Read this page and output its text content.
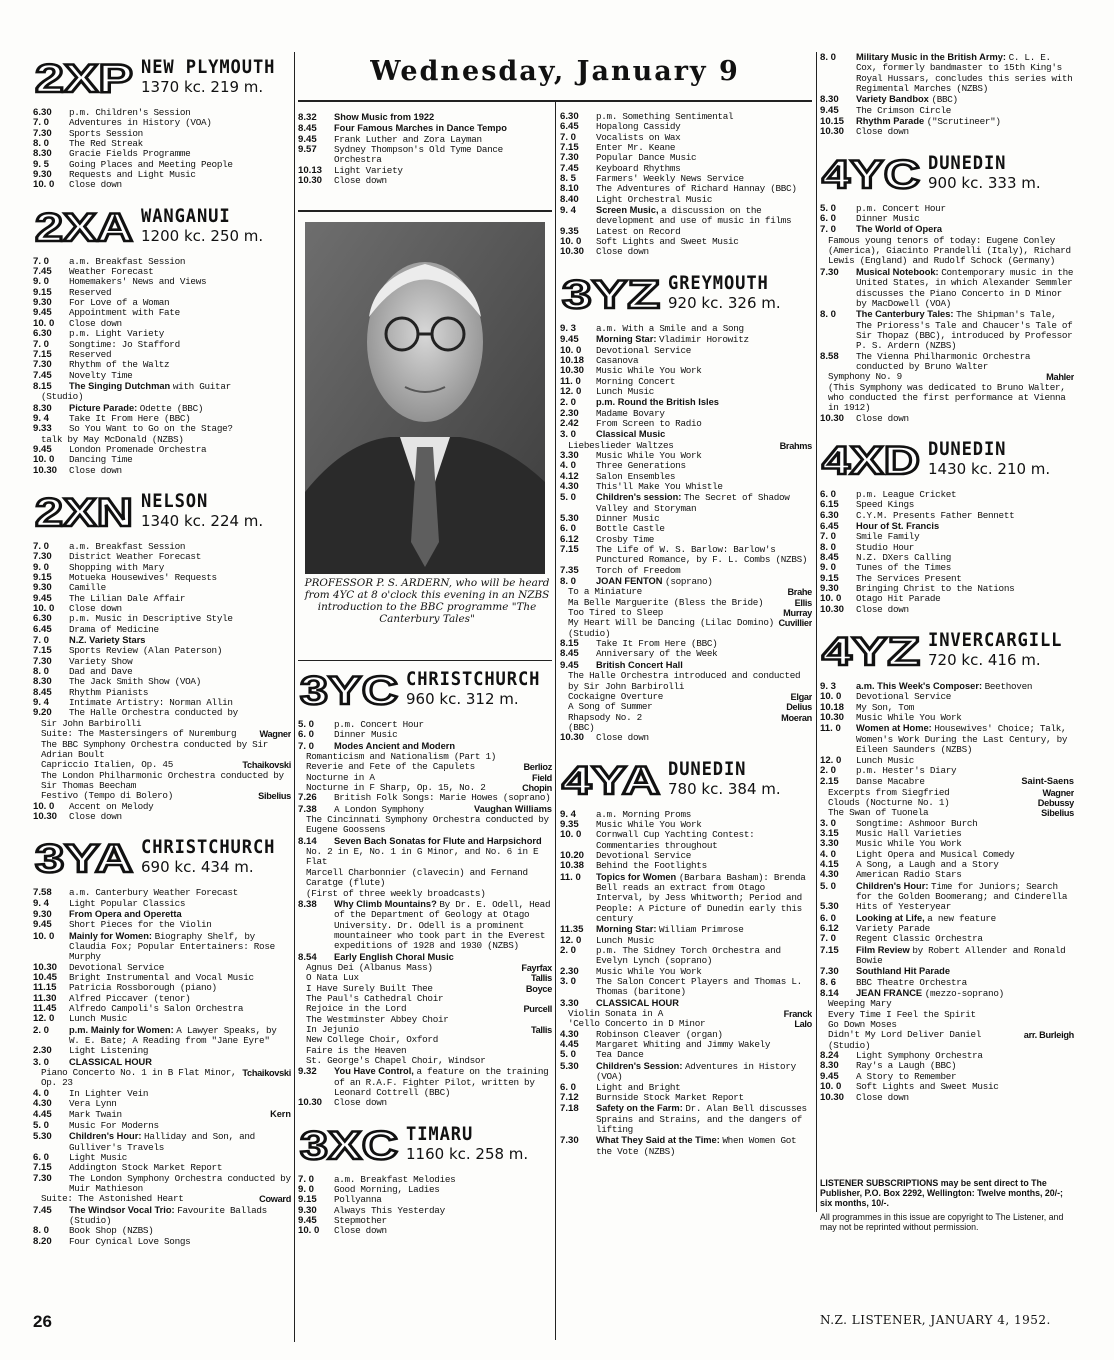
Wednesday, January 9
2XP NEW PLYMOUTH
1370 kc. 219 m.
6.30	p.m. Children's Session
7. 0	Adventures in History (VOA)
7.30	Sports Session
8. 0	The Red Streak
8.30	Gracie Fields Programme
9. 5	Going Places and Meeting People
9.30	Requests and Light Music
10. 0	Close down
2XA WANGANUI
1200 kc. 250 m.
7. 0	a.m. Breakfast Session
7.45	Weather Forecast
9. 0	Homemakers' News and Views
9.15	Reserved
9.30	For Love of a Woman
9.45	Appointment with Fate
10. 0	Close down
6.30	p.m. Light Variety
7. 0	Songtime: Jo Stafford
7.15	Reserved
7.30	Rhythm of the Waltz
7.45	Novelty Time
8.15	The Singing Dutchman with Guitar
(Studio)
8.30	Picture Parade: Odette (BBC)
9. 4	Take It From Here (BBC)
9.33	So You Want to Go on the Stage?
talk by May McDonald (NZBS)
9.45	London Promenade Orchestra
10. 0	Dancing Time
10.30	Close down
2XN NELSON
1340 kc. 224 m.
7. 0	a.m. Breakfast Session
7.30	District Weather Forecast
9. 0	Shopping with Mary
9.15	Motueka Housewives' Requests
9.30	Camille
9.45	The Lilian Dale Affair
10. 0	Close down
6.30	p.m. Music in Descriptive Style
6.45	Drama of Medicine
7. 0	N.Z. Variety Stars
7.15	Sports Review (Alan Paterson)
7.30	Variety Show
8. 0	Dad and Dave
8.30	The Jack Smith Show (VOA)
8.45	Rhythm Pianists
9. 4	Intimate Artistry: Norman Allin
9.20	The Halle Orchestra conducted by
Sir John Barbirolli
Suite: The Mastersingers of Nuremburg	Wagner
The BBC Symphony Orchestra conducted by Sir Adrian Boult
Capriccio Italien, Op. 45	Tchaikovski
The London Philharmonic Orchestra conducted by Sir Thomas Beecham
Festivo (Tempo di Bolero)	Sibelius
10. 0	Accent on Melody
10.30	Close down
3YA CHRISTCHURCH
690 kc. 434 m.
7.58	a.m. Canterbury Weather Forecast
9. 4	Light Popular Classics
9.30	From Opera and Operetta
9.45	Short Pieces for the Violin
10. 0	Mainly for Women: Biography Shelf, by Claudia Fox; Popular Entertainers: Rose Murphy
10.30	Devotional Service
10.45	Bright Instrumental and Vocal Music
11.15	Patricia Rossborough (piano)
11.30	Alfred Piccaver (tenor)
11.45	Alfredo Campoli's Salon Orchestra
12. 0	Lunch Music
2. 0	p.m. Mainly for Women: A Lawyer Speaks, by W. E. Bate; A Reading from "Jane Eyre"
2.30	Light Listening
3. 0	CLASSICAL HOUR
Piano Concerto No. 1 in B Flat Minor, Op. 23
Tchaikovski
4. 0	In Lighter Vein
4.30	Vera Lynn
4.45	Mark Twain	Kern
5. 0	Music For Moderns
5.30	Children's Hour: Halliday and Son, and Gulliver's Travels
6. 0	Light Music
7.15	Addington Stock Market Report
7.30	The London Symphony Orchestra conducted by Muir Mathieson
Suite: The Astonished Heart	Coward
7.45	The Windsor Vocal Trio: Favourite Ballads (Studio)
8. 0	Book Shop (NZBS)
8.20	Four Cynical Love Songs
8.32	Show Music from 1922
8.45	Four Famous Marches in Dance Tempo
9.45	Frank Luther and Zora Layman
9.57	Sydney Thompson's Old Tyme Dance Orchestra
10.13	Light Variety
10.30	Close down
6.30	p.m. Something Sentimental
6.45	Hopalong Cassidy
7. 0	Vocalists on Wax
7.15	Enter Mr. Keane
7.30	Popular Dance Music
7.45	Keyboard Rhythms
8. 5	Farmers' Weekly News Service
8.10	The Adventures of Richard Hannay (BBC)
8.40	Light Orchestral Music
9. 4	Screen Music, a discussion on the development and use of music in films
9.35	Latest on Record
10. 0	Soft Lights and Sweet Music
10.30	Close down
3YZ GREYMOUTH
920 kc. 326 m.
9. 3	a.m. With a Smile and a Song
9.45	Morning Star: Vladimir Horowitz
10. 0	Devotional Service
10.18	Casanova
10.30	Music While You Work
11. 0	Morning Concert
12. 0	Lunch Music
2. 0	p.m. Round the British Isles
2.30	Madame Bovary
2.42	From Screen to Radio
3. 0	Classical Music
Liebeslieder Waltzes	Brahms
3.30	Music While You Work
4. 0	Three Generations
4.12	Salon Ensembles
4.30	This'll Make You Whistle
5. 0	Children's session: The Secret of Shadow Valley and Storyman
5.30	Dinner Music
6. 0	Bottle Castle
6.12	Crosby Time
7.15	The Life of W. S. Barlow: Barlow's Punctured Romance, by F. L. Combs (NZBS)
7.35	Torch of Freedom
8. 0	JOAN FENTON (soprano)
To a Miniature	Brahe
Ma Belle Marguerite (Bless the Bride)	Ellis
Too Tired to Sleep	Murray
My Heart Will be Dancing (Lilac Domino) Cuvillier
(Studio)
8.15	Take It From Here (BBC)
8.45	Anniversary of the Week
9.45	British Concert Hall
The Halle Orchestra introduced and conducted by Sir John Barbirolli
Cockaigne Overture	Elgar
A Song of Summer	Delius
Rhapsody No. 2	Moeran
(BBC)
10.30	Close down
4YA DUNEDIN
780 kc. 384 m.
9. 4	a.m. Morning Proms
9.35	Music While You Work
10. 0	Cornwall Cup Yachting Contest: Commentaries throughout
10.20	Devotional Service
10.38	Behind the Footlights
11. 0	Topics for Women (Barbara Basham): Brenda Bell reads an extract from Otago Interval, by Jess Whitworth; Period and People: A Picture of Dunedin early this century
11.35	Morning Star: William Primrose
12. 0	Lunch Music
2. 0	p.m. The Sidney Torch Orchestra and Evelyn Lynch (soprano)
2.30	Music While You Work
3. 0	The Salon Concert Players and Thomas L. Thomas (baritone)
3.30	CLASSICAL HOUR
Violin Sonata in A	Franck
'Cello Concerto in D Minor	Lalo
4.30	Robinson Cleaver (organ)
4.45	Margaret Whiting and Jimmy Wakely
5. 0	Tea Dance
5.30	Children's Session: Adventures in History (VOA)
6. 0	Light and Bright
7.12	Burnside Stock Market Report
7.18	Safety on the Farm: Dr. Alan Bell discusses Sprains and Strains, and the dangers of lifting
7.30	What They Said at the Time: When Women Got the Vote (NZBS)
8. 0	Military Music in the British Army: C. L. E. Cox, formerly bandmaster to 15th King's Royal Hussars, concludes this series with Regimental Marches (NZBS)
8.30	Variety Bandbox (BBC)
9.45	The Crimson Circle
10.15	Rhythm Parade ("Scrutineer")
10.30	Close down
4YC DUNEDIN
900 kc. 333 m.
5. 0	p.m. Concert Hour
6. 0	Dinner Music
7. 0	The World of Opera
Famous young tenors of today: Eugene Conley (America), Giacinto Prandelli (Italy), Richard Lewis (England) and Rudolf Schock (Germany)
7.30	Musical Notebook: Contemporary music in the United States, in which Alexander Semmler discusses the Piano Concerto in D Minor by MacDowell (VOA)
8. 0	The Canterbury Tales: The Shipman's Tale, The Prioress's Tale and Chaucer's Tale of Sir Thopaz (BBC), introduced by Professor P. S. Ardern (NZBS)
8.58	The Vienna Philharmonic Orchestra conducted by Bruno Walter
Symphony No. 9	Mahler
(This Symphony was dedicated to Bruno Walter, who conducted the first performance at Vienna in 1912)
10.30	Close down
4XD DUNEDIN
1430 kc. 210 m.
6. 0	p.m. League Cricket
6.15	Speed Kings
6.30	C.Y.M. Presents Father Bennett
6.45	Hour of St. Francis
7. 0	Smile Family
8. 0	Studio Hour
8.45	N.Z. DXers Calling
9. 0	Tunes of the Times
9.15	The Services Present
9.30	Bringing Christ to the Nations
10. 0	Otago Hit Parade
10.30	Close down
4YZ INVERCARGILL
720 kc. 416 m.
9. 3	a.m. This Week's Composer: Beethoven
10. 0	Devotional Service
10.18	My Son, Tom
10.30	Music While You Work
11. 0	Women at Home: Housewives' Choice; Talk, Women's Work During the Last Century, by Eileen Saunders (NZBS)
12. 0	Lunch Music
2. 0	p.m. Hester's Diary
2.15	Danse Macabre	Saint-Saens
Excerpts from Siegfried	Wagner
Clouds (Nocturne No. 1)	Debussy
The Swan of Tuonela	Sibelius
3. 0	Songtime: Ashmoor Burch
3.15	Music Hall Varieties
3.30	Music While You Work
4. 0	Light Opera and Musical Comedy
4.15	A Song, a Laugh and a Story
4.30	American Radio Stars
5. 0	Children's Hour: Time for Juniors; Search for the Golden Boomerang; and Cinderella
5.30	Hits of Yesteryear
6. 0	Looking at Life, a new feature
6.12	Variety Parade
7. 0	Regent Classic Orchestra
7.15	Film Review by Robert Allender and Ronald Bowie
7.30	Southland Hit Parade
8. 6	BBC Theatre Orchestra
8.14	JEAN FRANCE (mezzo-soprano)
Weeping Mary
Every Time I Feel the Spirit
Go Down Moses
Didn't My Lord Deliver Daniel	arr. Burleigh
(Studio)
8.24	Light Symphony Orchestra
8.30	Ray's a Laugh (BBC)
9.45	A Story to Remember
10. 0	Soft Lights and Sweet Music
10.30	Close down
PROFESSOR P. S. ARDERN, who will be heard from 4YC at 8 o'clock this evening in an NZBS introduction to the BBC programme "The Canterbury Tales"
LISTENER SUBSCRIPTIONS may be sent direct to The Publisher, P.O. Box 2292, Wellington: Twelve months, 20/-; six months, 10/-.
All programmes in this issue are copyright to The Listener, and may not be reprinted without permission.
26	N.Z. LISTENER, JANUARY 4, 1952.
3YC CHRISTCHURCH
960 kc. 312 m.
5. 0	p.m. Concert Hour
6. 0	Dinner Music
7. 0	Modes Ancient and Modern
Romanticism and Nationalism (Part 1)
Reverie and Fete of the Capulets	Berlioz
Nocturne in A	Field
Nocturne in F Sharp, Op. 15, No. 2	Chopin
7.26	British Folk Songs: Marie Howes (soprano)
7.38	A London Symphony	Vaughan Williams
The Cincinnati Symphony Orchestra conducted by Eugene Goossens
8.14	Seven Bach Sonatas for Flute and Harpsichord
No. 2 in E, No. 1 in G Minor, and No. 6 in E Flat
Marcell Charbonnier (clavecin) and Fernand Caratge (flute)
(First of three weekly broadcasts)
8.38	Why Climb Mountains? By Dr. E. Odell, Head of the Department of Geology at Otago University. Dr. Odell is a prominent mountaineer who took part in the Everest expeditions of 1928 and 1930 (NZBS)
8.54	Early English Choral Music
Agnus Dei (Albanus Mass)	Fayrfax
O Nata Lux	Tallis
I Have Surely Built Thee	Boyce
The Paul's Cathedral Choir
Rejoice in the Lord	Purcell
The Westminster Abbey Choir
In Jejunio	Tallis
New College Choir, Oxford
Faire is the Heaven
St. George's Chapel Choir, Windsor
9.32	You Have Control, a feature on the training of an R.A.F. Fighter Pilot, written by Leonard Cottrell (BBC)
10.30	Close down
3XC TIMARU
1160 kc. 258 m.
7. 0	a.m. Breakfast Melodies
9. 0	Good Morning, Ladies
9.15	Pollyanna
9.30	Always This Yesterday
9.45	Stepmother
10. 0	Close down
